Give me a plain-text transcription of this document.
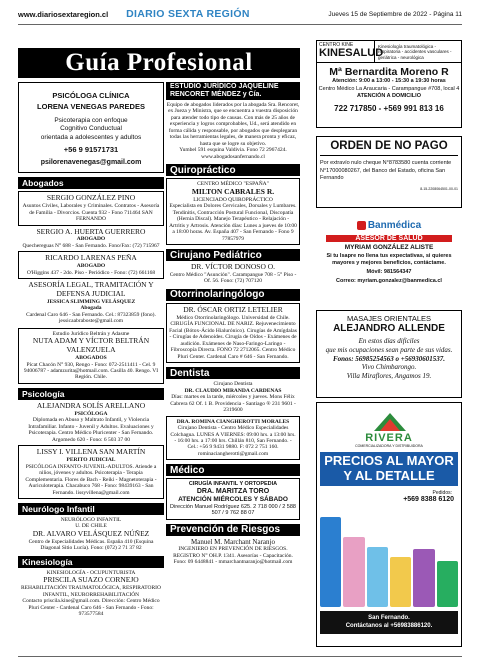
www.diariosextaregion.cl DIARIO SEXTA REGIÓN	Jueves 15 de Septiembre de 2022 - Página 11
Guía Profesional
PSICÓLOGA CLÍNICA
LORENA VENEGAS PAREDES
Psicoterapia con enfoque
Cognitivo Conductual
orientada a adolescentes y adultos
+56 9 91571731
psilorenavenegas@gmail.com
Abogados
SERGIO GONZÁLEZ PINO
Asuntos Civiles, Laborales y Criminales. Contratos - Asesoría de Familia - Divorcios. Cuenta 932 - Fono 711464 SAN FERNANDO
SERGIO A. HUERTA GUERRERO
ABOGADO
Quechereguas N° 688 - San Fernando. Fono/Fax: (72) 715967
RICARDO LARENAS PEÑA
ABOGADO
O'Higgins 437 - 2do. Piso - Periódico - Fono: (72) 661168
ASESORÍA LEGAL, TRAMITACIÓN Y DEFENSA JUDICIAL
JESSICA SLIMMING VELÁSQUEZ
Abogada
Cardenal Caro 646 - San Fernando. Cel.: 87323859 (fono). jessicaabraboste@gmail.com
Estudio Jurídico Beltrán y Adasme
NUTA ADAM Y VÍCTOR BELTRÁN VALENZUELA
ABOGADOS
Pícat Chacón N° 930, Rengo - Fono: 072-2511411 - Cel. 9 94006787 - adamzurita@hotmail.com. Casilla 40. Rengo. VI Región. Chile.
Psicología
ALEJANDRA SOLÍS ARELLANO
PSICÓLOGA
Diplomada en Abuso y Maltrato Infantil, y Violencia Intrafamiliar. Infanto - Juvenil y Adultos. Evaluaciones y Psicoterapia. Centro Médico Pluricenter - San Fernando. Argomedo 620 - Fono: 6 503 37 00
LISSY I. VILLENA SAN MARTÍN
PERITO JUDICIAL
PSICÓLOGA INFANTO-JUVENIL-ADULTOS. Atiende a niños, jóvenes y adultos. Psicoterapia - Terapia Complementaria. Flores de Bach - Reiki - Magnetoterapia - Auriculoterapia. Chacabuco 768 - Fono: 98439163 - San Fernando. lissyvillena@gmail.com
Neurólogo Infantil
NEURÓLOGO INFANTIL
U. DE CHILE
DR. ALVARO VELÁSQUEZ NÚÑEZ
Centro de Especialidades Médicas. España 410 (Esquina Diagonal Sitio Lucía). Fono: (072) 2 71 37 82
Kinesiología
KINESIOLOGÍA - OCUPUNTURISTA
PRISCILA SUAZO CORNEJO
REHABILITACIÓN TRAUMATOLÓGICA, RESPIRATORIO INFANTIL, NEURORREHABILITACIÓN
Contacto priscila.kine@gmail.com. Dirección: Centro Médico Pluri Center - Cardenal Caro 646 - San Fernando - Fono: 973577584
ESTUDIO JURÍDICO JAQUELINE RENCORET MÉNDEZ y Cía.
Equipo de abogados liderados por la abogada Sra. Rencoret, ex Jueza y Ministra, que se encuentra a vuestra disposición para atender todo tipo de causas. Con más de 25 años de experiencia y logros comprobables, Ud., será atendido en forma cálida y responsable, por abogados que desplegaran todas las herramientas legales, de manera pronta y eficaz, hasta que se logre su objetivo.
Yumbel 591 esquina Valdivia. Fono 72 2967424.
www.abogadosanfernando.cl
Quiropráctico
CENTRO MÉDICO "ESPAÑA"
MILTON CABRALES R.
LICENCIADO QUIROPRÁCTICO
Especialista en Dolores Cervicales, Dorsales y Lumbares. Tendinitis, Contracción Postural Funcional, Discopatía (Hernia Discal). Manejo Terapéutico - Relajación - Artritis y Artrosis. Atención días: Lunes a jueves de 10:00 a 18:00 horas. Av. España 407 - San Fernando - Fono 9 77857979
Cirujano Pediátrico
DR. VÍCTOR DONOSO O.
Centro Médico "Asunción". Carampangue 708 - 5° Piso - Of. 56. Fono: (72) 707120
Otorrinolaringólogo
DR. ÓSCAR ORTIZ LETELIER
Médico Otorrinolaringólogo. Universidad de Chile. CIRUGÍA FUNCIONAL DE NARIZ. Rejuvenecimiento Facial (Bótox-Ácido Hialurónico). Cirugías de Amígdalas - Cirugías de Adenoides. Cirugía de Oídos - Exámenes de audición. Exámenes de Naso-Faringo-Laringo -Fibroscopía Directa. FONO 72 2712065. Centro Médico Pluri Center. Cardenal Caro # 646 - San Fernando.
Dentista
Cirujano Dentista
DR. CLAUDIO MIRANDA CARDENAS
Días: martes en la tarde, miércoles y jueves. Mons Félix Cabrera 62 Of. 1 B. Providencia - Santiago ® 231 9601 - 2319600
DRA. ROMINA CIANGHEROTTI MORALES
Cirujano Dentista - Centro Médico Especialidades Colchagua. LUNES A VIERNES: 09:00 hrs. a 13:00 hrs. - 16:00 hrs. a 17:00 hrs. Chillán 810, San Fernando. - Cel.: +56 9 9431 9880. F: 072 2 751 160. rominaciangherotti@gmail.com
Médico
CIRUGÍA INFANTIL Y ORTOPEDIA
DRA. MARITZA TORO
ATENCIÓN MIÉRCOLES Y SÁBADO
Dirección Manuel Rodríguez 625. 2 718 000 / 2 588 507 / 9 762 88 07
Prevención de Riesgos
Manuel M. Marchant Naranjo
INGENIERO EN PREVENCIÓN DE RIESGOS. REGISTRO N° OH.P. 1341. Asesorías - Capacitación. Fono: 09 6448841 - mmarchantnaranjo@hotmail.com
CENTRO KINE
KINESALUD
Kinesiología traumatológica - respiratoria - accidentes vasculares - geriátrica - neurológica
Mª Bernardita Moreno R
Atención: 9:00 a 13:00 - 15:30 a 19:30 horas
Centro Médico La Araucaria - Carampangue #708, local 4
ATENCIÓN A DOMICILIO
722 717850 - +569 991 813 16
ORDEN DE NO PAGO
Por extravío nulo cheque N°8783580 cuenta corriente N°17000080267, del Banco del Estado, oficina San Fernando
8-15-2208064501-00-01
Banmédica
ASESOR DE SALUD
MYRIAM GONZÁLEZ ALISTE
Si tu Isapre no llena tus expectativas, si quieres mayores y mejores beneficios, contáctame.
Móvil: 981564347
Correo: myriam.gonzalez@banmedica.cl
MASAJES ORIENTALES
ALEJANDRO ALLENDE
En estos días difíciles
que mis ocupaciones sean parte de sus vidas.
Fonos: 56985254563 o +56930601537.
Vivo Chimbarongo.
Villa Miraflores, Angamos 19.
RIVERA
COMERCIALIZADORA Y DISTRIBUIDORA
PRECIOS AL MAYOR Y AL DETALLE
Pedidos:
+569 8388 6120
San Fernando.
Contáctanos al +56983886120.
